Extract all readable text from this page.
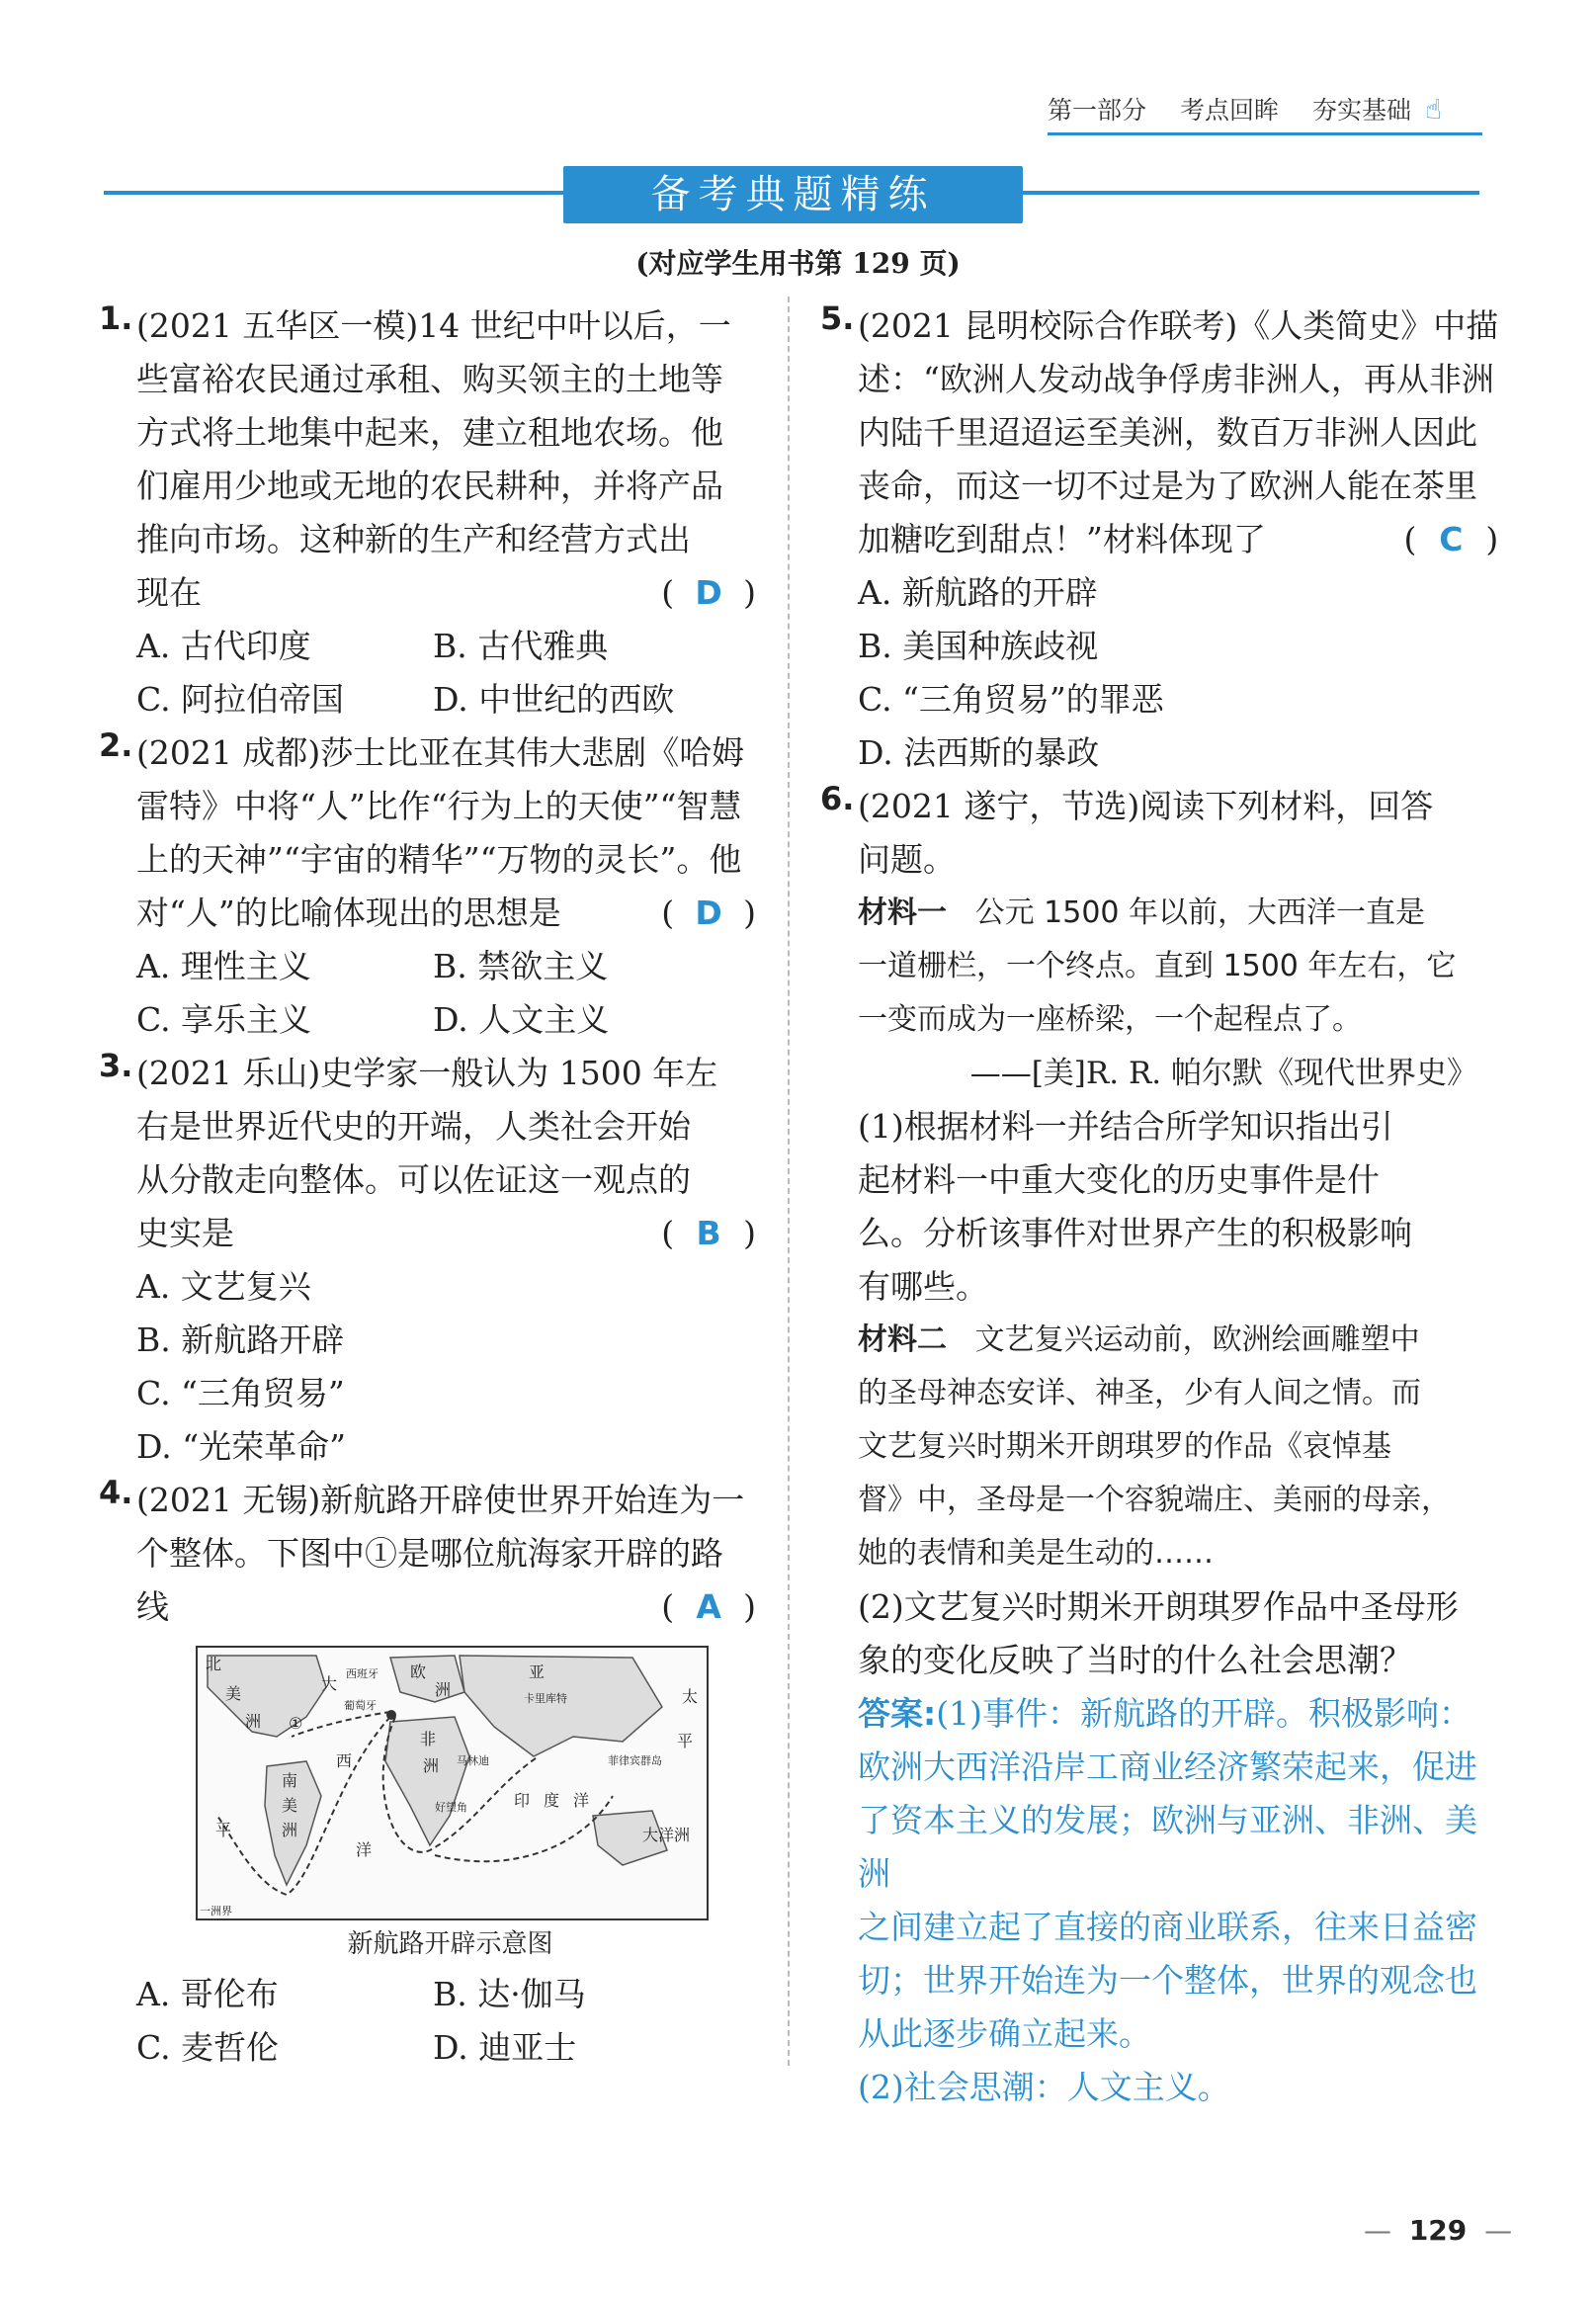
第一部分 考点回眸 夯实基础 ☝
备考典题精练
(对应学生用书第 129 页)
1. (2021 五华区一模)14 世纪中叶以后，一
些富裕农民通过承租、购买领主的土地等
方式将土地集中起来，建立租地农场。他
们雇用少地或无地的农民耕种，并将产品
推向市场。这种新的生产和经营方式出
现在	( D )
A. 古代印度	B. 古代雅典
C. 阿拉伯帝国	D. 中世纪的西欧
2. (2021 成都)莎士比亚在其伟大悲剧《哈姆
雷特》中将“人”比作“行为上的天使”“智慧
上的天神”“宇宙的精华”“万物的灵长”。他
对“人”的比喻体现出的思想是	( D )
A. 理性主义	B. 禁欲主义
C. 享乐主义	D. 人文主义
3. (2021 乐山)史学家一般认为 1500 年左
右是世界近代史的开端，人类社会开始
从分散走向整体。可以佐证这一观点的
史实是	( B )
A. 文艺复兴
B. 新航路开辟
C. “三角贸易”
D. “光荣革命”
4. (2021 无锡)新航路开辟使世界开始连为一
个整体。下图中①是哪位航海家开辟的路
线	( A )
北
美
洲
大
西班牙
葡萄牙
欧
洲
亚
卡里库特	太
①
非
洲
西	马林迪
平
南
美
洲
好望角	印 度 洋
菲律宾群岛
大洋洲
平
洋
一洲界
新航路开辟示意图
A. 哥伦布	B. 达·伽马
C. 麦哲伦	D. 迪亚士
5. (2021 昆明校际合作联考)《人类简史》中描
述：“欧洲人发动战争俘虏非洲人，再从非洲
内陆千里迢迢运至美洲，数百万非洲人因此
丧命，而这一切不过是为了欧洲人能在茶里
加糖吃到甜点！”材料体现了	( C )
A. 新航路的开辟
B. 美国种族歧视
C. “三角贸易”的罪恶
D. 法西斯的暴政
6. (2021 遂宁，节选)阅读下列材料，回答
问题。
材料一 公元 1500 年以前，大西洋一直是
一道栅栏，一个终点。直到 1500 年左右，它
一变而成为一座桥梁，一个起程点了。
——[美]R. R. 帕尔默《现代世界史》
(1)根据材料一并结合所学知识指出引
起材料一中重大变化的历史事件是什
么。分析该事件对世界产生的积极影响
有哪些。
材料二 文艺复兴运动前，欧洲绘画雕塑中
的圣母神态安详、神圣，少有人间之情。而
文艺复兴时期米开朗琪罗的作品《哀悼基
督》中，圣母是一个容貌端庄、美丽的母亲，
她的表情和美是生动的……
(2)文艺复兴时期米开朗琪罗作品中圣母形
象的变化反映了当时的什么社会思潮？
答案:(1)事件：新航路的开辟。积极影响：
欧洲大西洋沿岸工商业经济繁荣起来，促进
了资本主义的发展；欧洲与亚洲、非洲、美洲
之间建立起了直接的商业联系，往来日益密
切；世界开始连为一个整体，世界的观念也
从此逐步确立起来。
(2)社会思潮：人文主义。
—  129  —
